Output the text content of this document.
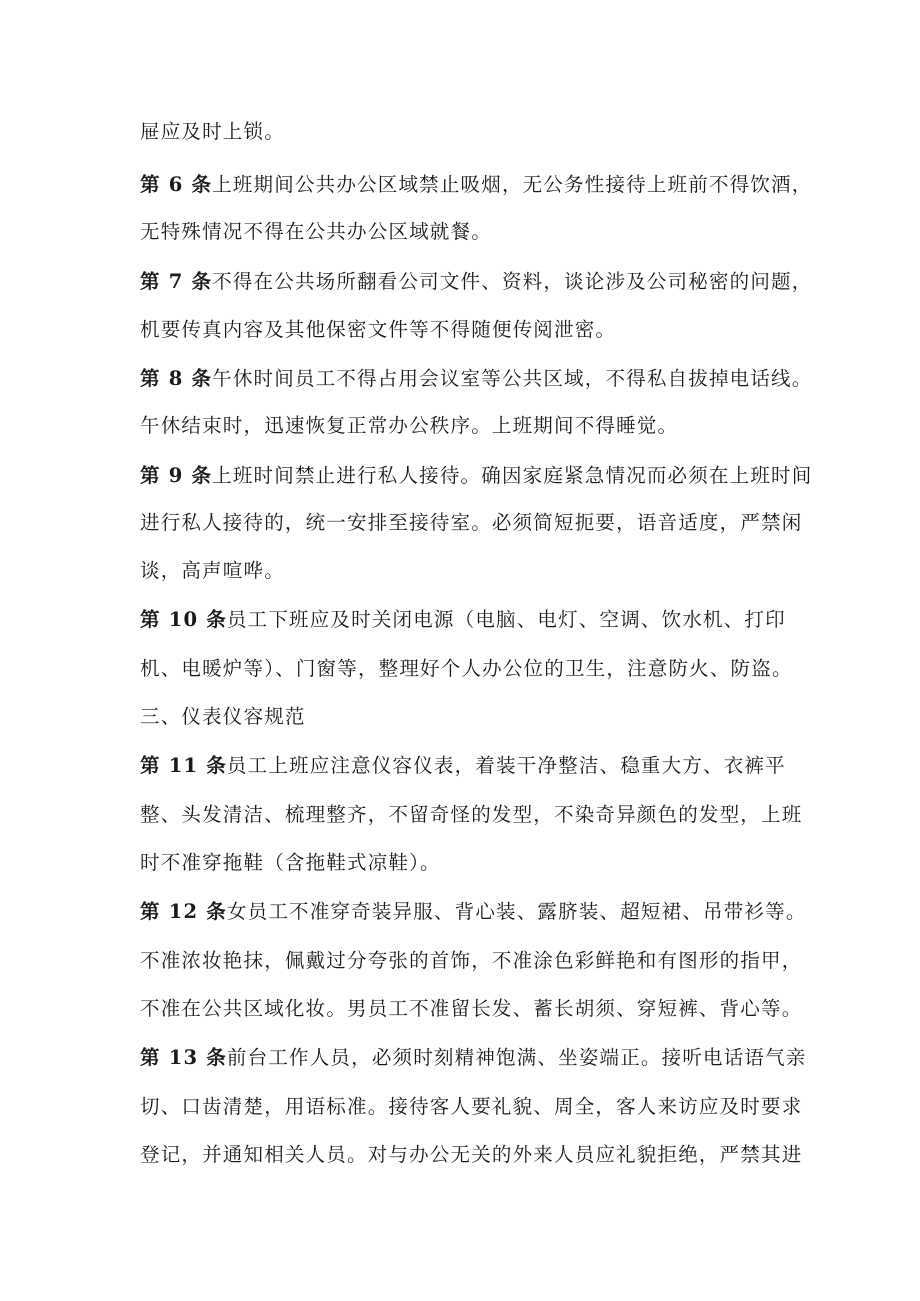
屉应及时上锁。
第 6 条上班期间公共办公区域禁止吸烟，无公务性接待上班前不得饮酒，
无特殊情况不得在公共办公区域就餐。
第 7 条不得在公共场所翻看公司文件、资料，谈论涉及公司秘密的问题，
机要传真内容及其他保密文件等不得随便传阅泄密。
第 8 条午休时间员工不得占用会议室等公共区域，不得私自拔掉电话线。
午休结束时，迅速恢复正常办公秩序。上班期间不得睡觉。
第 9 条上班时间禁止进行私人接待。确因家庭紧急情况而必须在上班时间
进行私人接待的，统一安排至接待室。必须简短扼要，语音适度，严禁闲
谈，高声喧哗。
第 10 条员工下班应及时关闭电源（电脑、电灯、空调、饮水机、打印
机、电暖炉等）、门窗等，整理好个人办公位的卫生，注意防火、防盗。
三、仪表仪容规范
第 11 条员工上班应注意仪容仪表，着装干净整洁、稳重大方、衣裤平
整、头发清洁、梳理整齐，不留奇怪的发型，不染奇异颜色的发型，上班
时不准穿拖鞋（含拖鞋式凉鞋）。
第 12 条女员工不准穿奇装异服、背心装、露脐装、超短裙、吊带衫等。
不准浓妆艳抹，佩戴过分夸张的首饰，不准涂色彩鲜艳和有图形的指甲，
不准在公共区域化妆。男员工不准留长发、蓄长胡须、穿短裤、背心等。
第 13 条前台工作人员，必须时刻精神饱满、坐姿端正。接听电话语气亲
切、口齿清楚，用语标准。接待客人要礼貌、周全，客人来访应及时要求
登记，并通知相关人员。对与办公无关的外来人员应礼貌拒绝，严禁其进
